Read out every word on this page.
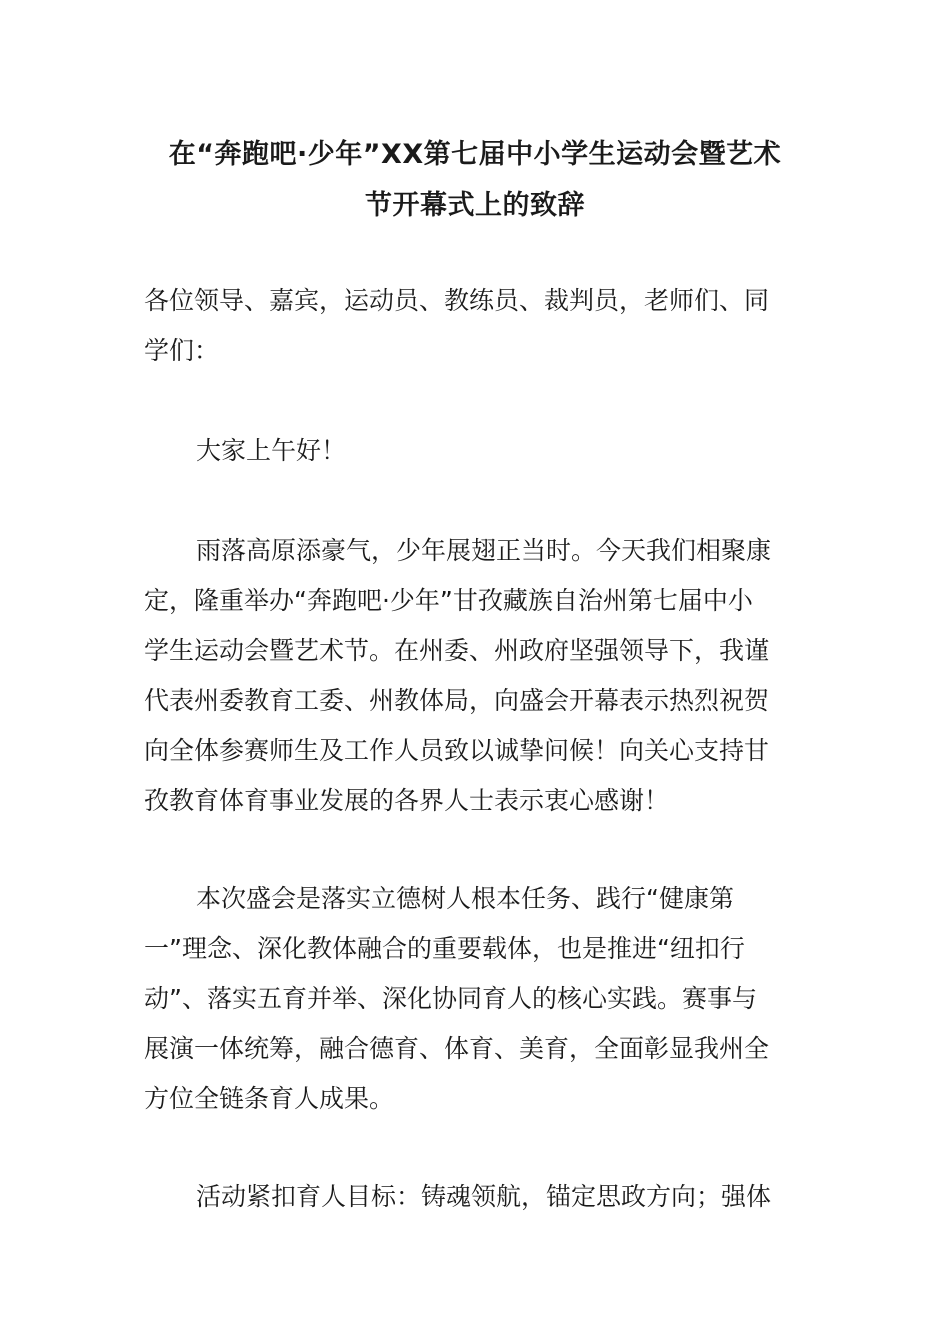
在“奔跑吧·少年”XX第七届中小学生运动会暨艺术
节开幕式上的致辞
各位领导、嘉宾，运动员、教练员、裁判员，老师们、同
学们：
大家上午好！
雨落高原添豪气，少年展翅正当时。今天我们相聚康
定，隆重举办“奔跑吧·少年”甘孜藏族自治州第七届中小
学生运动会暨艺术节。在州委、州政府坚强领导下，我谨
代表州委教育工委、州教体局，向盛会开幕表示热烈祝贺
向全体参赛师生及工作人员致以诚挚问候！向关心支持甘
孜教育体育事业发展的各界人士表示衷心感谢！
本次盛会是落实立德树人根本任务、践行“健康第
一”理念、深化教体融合的重要载体，也是推进“纽扣行
动”、落实五育并举、深化协同育人的核心实践。赛事与
展演一体统筹，融合德育、体育、美育，全面彰显我州全
方位全链条育人成果。
活动紧扣育人目标：铸魂领航，锚定思政方向；强体
